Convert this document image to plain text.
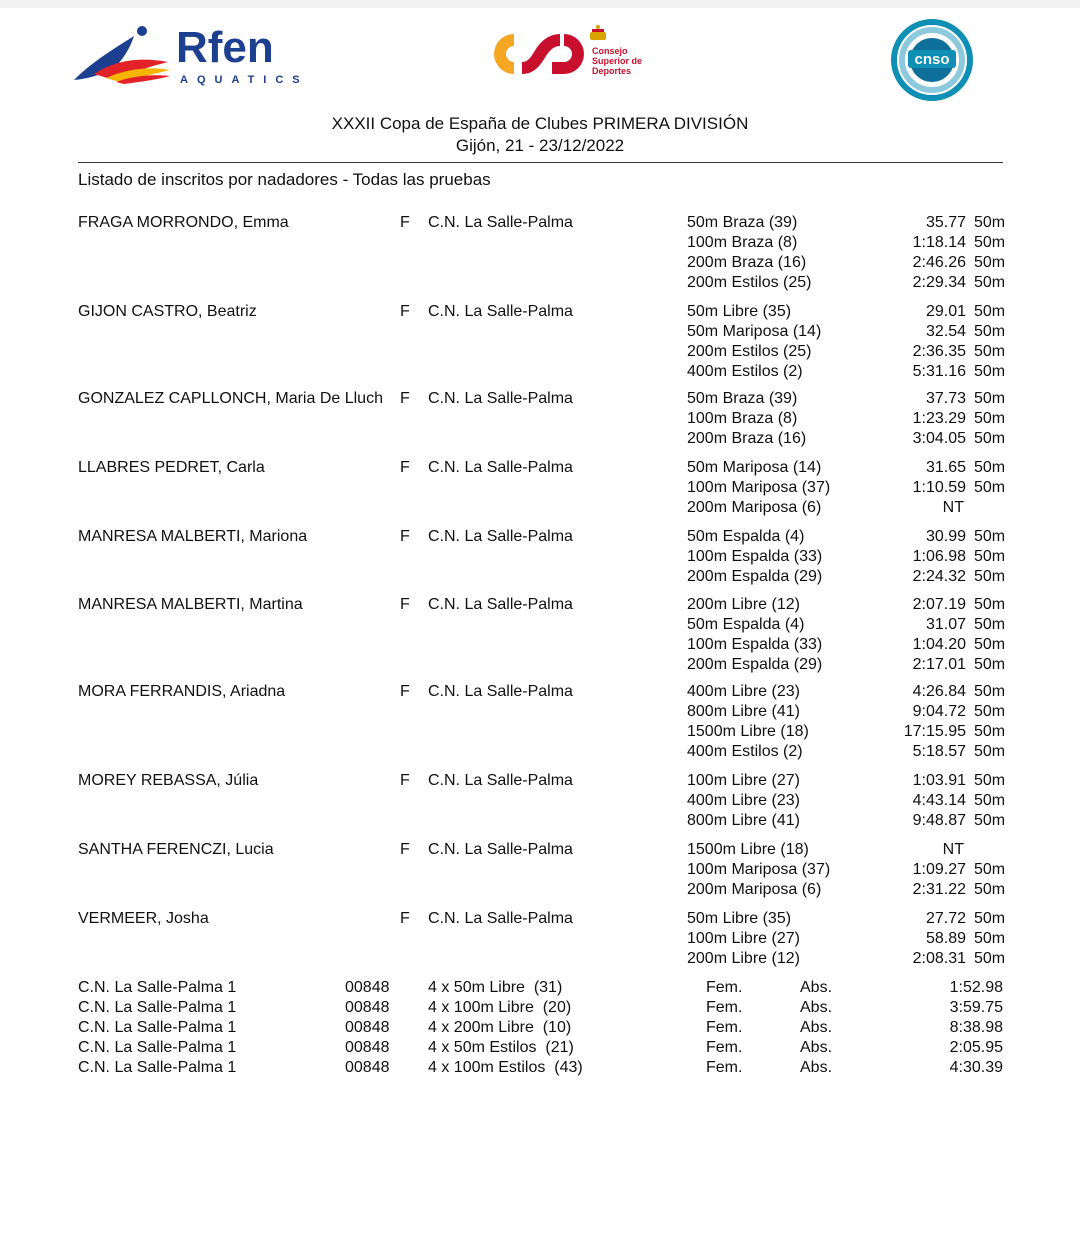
Rfen
AQUATICS
Consejo Superior de Deportes
cnso
XXXII Copa de España de Clubes PRIMERA DIVISIÓN
Gijón, 21 - 23/12/2022
Listado de inscritos por nadadores - Todas las pruebas
FRAGA MORRONDO, Emma	F C.N. La Salle-Palma	50m Braza (39)	35.77 50m
100m Braza (8)	1:18.14 50m
200m Braza (16)	2:46.26 50m
200m Estilos (25)	2:29.34 50m
GIJON CASTRO, Beatriz	F C.N. La Salle-Palma	50m Libre (35)	29.01 50m
50m Mariposa (14)	32.54 50m
200m Estilos (25)	2:36.35 50m
400m Estilos (2)	5:31.16 50m
GONZALEZ CAPLLONCH, Maria De Lluch F C.N. La Salle-Palma	50m Braza (39)	37.73 50m
100m Braza (8)	1:23.29 50m
200m Braza (16)	3:04.05 50m
LLABRES PEDRET, Carla	F C.N. La Salle-Palma	50m Mariposa (14)	31.65 50m
100m Mariposa (37)	1:10.59 50m
200m Mariposa (6)	NT
MANRESA MALBERTI, Mariona	F C.N. La Salle-Palma	50m Espalda (4)	30.99 50m
100m Espalda (33)	1:06.98 50m
200m Espalda (29)	2:24.32 50m
MANRESA MALBERTI, Martina	F C.N. La Salle-Palma	200m Libre (12)	2:07.19 50m
50m Espalda (4)	31.07 50m
100m Espalda (33)	1:04.20 50m
200m Espalda (29)	2:17.01 50m
MORA FERRANDIS, Ariadna	F C.N. La Salle-Palma	400m Libre (23)	4:26.84 50m
800m Libre (41)	9:04.72 50m
1500m Libre (18)	17:15.95 50m
400m Estilos (2)	5:18.57 50m
MOREY REBASSA, Júlia	F C.N. La Salle-Palma	100m Libre (27)	1:03.91 50m
400m Libre (23)	4:43.14 50m
800m Libre (41)	9:48.87 50m
SANTHA FERENCZI, Lucia	F C.N. La Salle-Palma	1500m Libre (18)	NT
100m Mariposa (37)	1:09.27 50m
200m Mariposa (6)	2:31.22 50m
VERMEER, Josha	F C.N. La Salle-Palma	50m Libre (35)	27.72 50m
100m Libre (27)	58.89 50m
200m Libre (12)	2:08.31 50m
C.N. La Salle-Palma 1	00848 4 x 50m Libre  (31)	Fem.	Abs.	1:52.98
C.N. La Salle-Palma 1	00848 4 x 100m Libre  (20)	Fem.	Abs.	3:59.75
C.N. La Salle-Palma 1	00848 4 x 200m Libre  (10)	Fem.	Abs.	8:38.98
C.N. La Salle-Palma 1	00848 4 x 50m Estilos  (21)	Fem.	Abs.	2:05.95
C.N. La Salle-Palma 1	00848 4 x 100m Estilos  (43)	Fem.	Abs.	4:30.39
